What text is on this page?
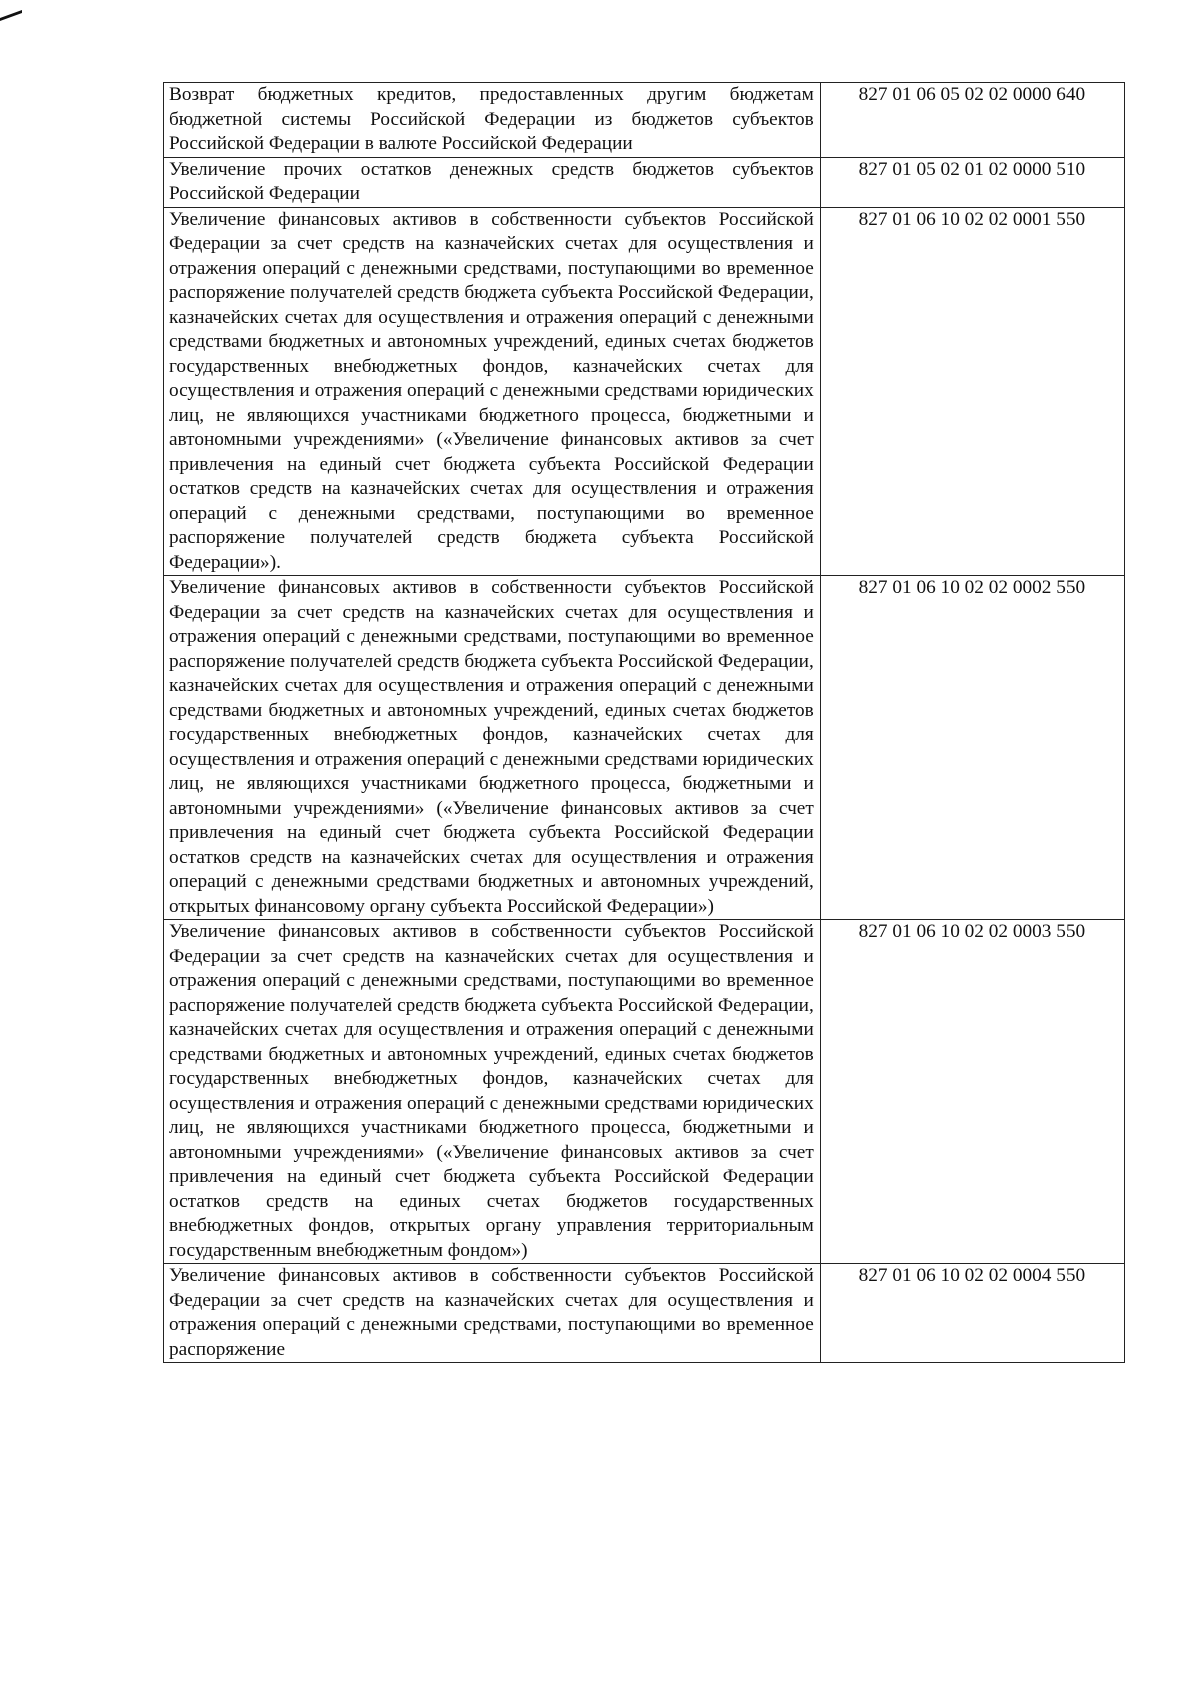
Возврат бюджетных кредитов, предоставленных другим бюджетам бюджетной системы Российской Федерации из бюджетов субъектов Российской Федерации в валюте Российской Федерации	827 01 06 05 02 02 0000 640
Увеличение прочих остатков денежных средств бюджетов субъектов Российской Федерации	827 01 05 02 01 02 0000 510
Увеличение финансовых активов в собственности субъектов Российской Федерации за счет средств на казначейских счетах для осуществления и отражения операций с денежными средствами, поступающими во временное распоряжение получателей средств бюджета субъекта Российской Федерации, казначейских счетах для осуществления и отражения операций с денежными средствами бюджетных и автономных учреждений, единых счетах бюджетов государственных внебюджетных фондов, казначейских счетах для осуществления и отражения операций с денежными средствами юридических лиц, не являющихся участниками бюджетного процесса, бюджетными и автономными учреждениями» («Увеличение финансовых активов за счет привлечения на единый счет бюджета субъекта Российской Федерации остатков средств на казначейских счетах для осуществления и отражения операций с денежными средствами, поступающими во временное распоряжение получателей средств бюджета субъекта Российской Федерации»).	827 01 06 10 02 02 0001 550
Увеличение финансовых активов в собственности субъектов Российской Федерации за счет средств на казначейских счетах для осуществления и отражения операций с денежными средствами, поступающими во временное распоряжение получателей средств бюджета субъекта Российской Федерации, казначейских счетах для осуществления и отражения операций с денежными средствами бюджетных и автономных учреждений, единых счетах бюджетов государственных внебюджетных фондов, казначейских счетах для осуществления и отражения операций с денежными средствами юридических лиц, не являющихся участниками бюджетного процесса, бюджетными и автономными учреждениями» («Увеличение финансовых активов за счет привлечения на единый счет бюджета субъекта Российской Федерации остатков средств на казначейских счетах для осуществления и отражения операций с денежными средствами бюджетных и автономных учреждений, открытых финансовому органу субъекта Российской Федерации»)	827 01 06 10 02 02 0002 550
Увеличение финансовых активов в собственности субъектов Российской Федерации за счет средств на казначейских счетах для осуществления и отражения операций с денежными средствами, поступающими во временное распоряжение получателей средств бюджета субъекта Российской Федерации, казначейских счетах для осуществления и отражения операций с денежными средствами бюджетных и автономных учреждений, единых счетах бюджетов государственных внебюджетных фондов, казначейских счетах для осуществления и отражения операций с денежными средствами юридических лиц, не являющихся участниками бюджетного процесса, бюджетными и автономными учреждениями» («Увеличение финансовых активов за счет привлечения на единый счет бюджета субъекта Российской Федерации остатков средств на единых счетах бюджетов государственных внебюджетных фондов, открытых органу управления территориальным государственным внебюджетным фондом»)	827 01 06 10 02 02 0003 550
Увеличение финансовых активов в собственности субъектов Российской Федерации за счет средств на казначейских счетах для осуществления и отражения операций с денежными средствами, поступающими во временное распоряжение	827 01 06 10 02 02 0004 550
